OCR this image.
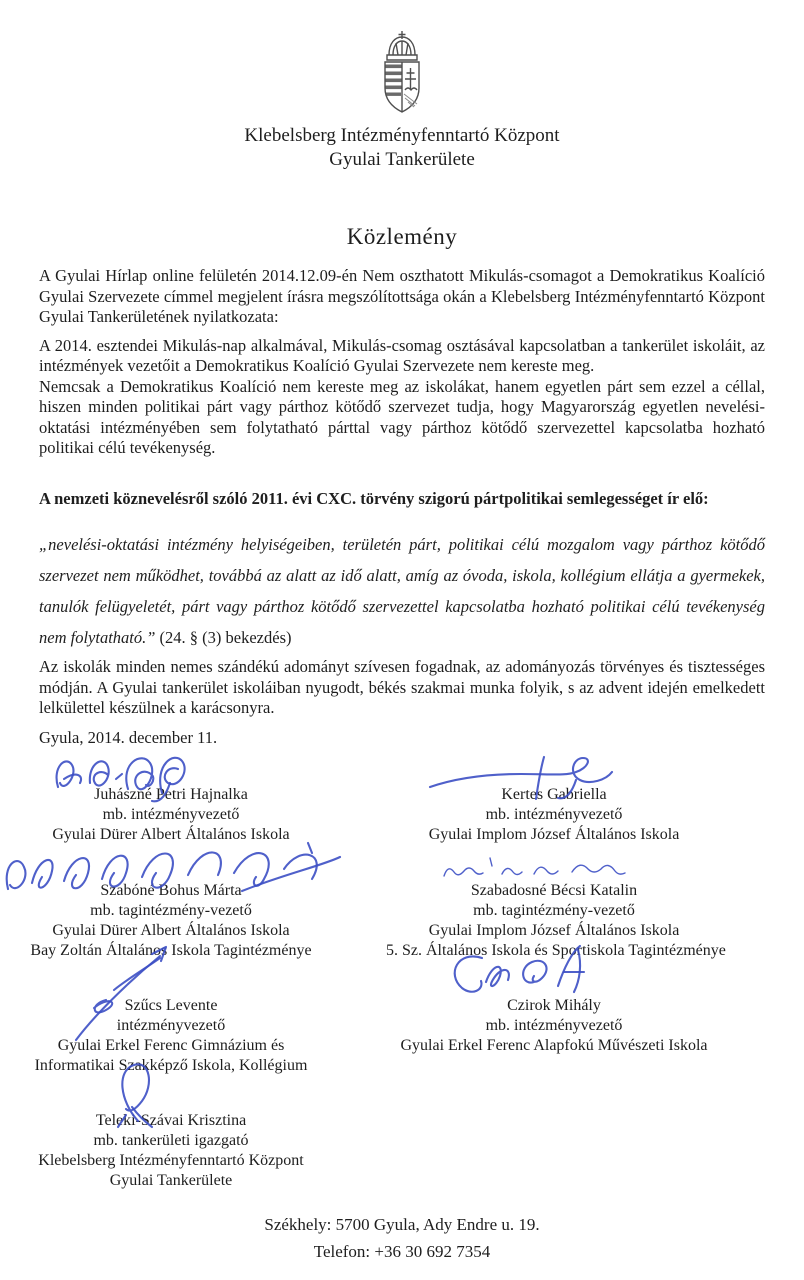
Klebelsberg Intézményfenntartó Központ
Gyulai Tankerülete
Közlemény

A Gyulai Hírlap online felületén 2014.12.09-én Nem oszthatott Mikulás-csomagot a Demokratikus Koalíció Gyulai Szervezete címmel megjelent írásra megszólítottsága okán a Klebelsberg Intézményfenntartó Központ Gyulai Tankerületének nyilatkozata:

A 2014. esztendei Mikulás-nap alkalmával, Mikulás-csomag osztásával kapcsolatban a tankerület iskoláit, az intézmények vezetőit a Demokratikus Koalíció Gyulai Szervezete nem kereste meg.

Nemcsak a Demokratikus Koalíció nem kereste meg az iskolákat, hanem egyetlen párt sem ezzel a céllal, hiszen minden politikai párt vagy párthoz kötődő szervezet tudja, hogy Magyarország egyetlen nevelési-oktatási intézményében sem folytatható párttal vagy párthoz kötődő szervezettel kapcsolatba hozható politikai célú tevékenység.

A nemzeti köznevelésről szóló 2011. évi CXC. törvény szigorú pártpolitikai semlegességet ír elő:

„nevelési-oktatási intézmény helyiségeiben, területén párt, politikai célú mozgalom vagy párthoz kötődő szervezet nem működhet, továbbá az alatt az idő alatt, amíg az óvoda, iskola, kollégium ellátja a gyermekek, tanulók felügyeletét, párt vagy párthoz kötődő szervezettel kapcsolatba hozható politikai célú tevékenység nem folytatható.” (24. § (3) bekezdés)

Az iskolák minden nemes szándékú adományt szívesen fogadnak, az adományozás törvényes és tisztességes módján. A Gyulai tankerület iskoláiban nyugodt, békés szakmai munka folyik, s az advent idején emelkedett lelkülettel készülnek a karácsonyra.

Gyula, 2014. december 11.

Juhászné Petri Hajnalka
mb. intézményvezető
Gyulai Dürer Albert Általános Iskola
Kertes Gabriella
mb. intézményvezető
Gyulai Implom József Általános Iskola
Szabóné Bohus Márta
mb. tagintézmény-vezető
Gyulai Dürer Albert Általános Iskola
Bay Zoltán Általános Iskola Tagintézménye
Szabadosné Bécsi Katalin
mb. tagintézmény-vezető
Gyulai Implom József Általános Iskola
5. Sz. Általános Iskola és Sportiskola Tagintézménye
Szűcs Levente
intézményvezető
Gyulai Erkel Ferenc Gimnázium és
Informatikai Szakképző Iskola, Kollégium
Czirok Mihály
mb. intézményvezető
Gyulai Erkel Ferenc Alapfokú Művészeti Iskola
Teleki-Szávai Krisztina
mb. tankerületi igazgató
Klebelsberg Intézményfenntartó Központ
Gyulai Tankerülete
Székhely: 5700 Gyula, Ady Endre u. 19.
Telefon: +36 30 692 7354
